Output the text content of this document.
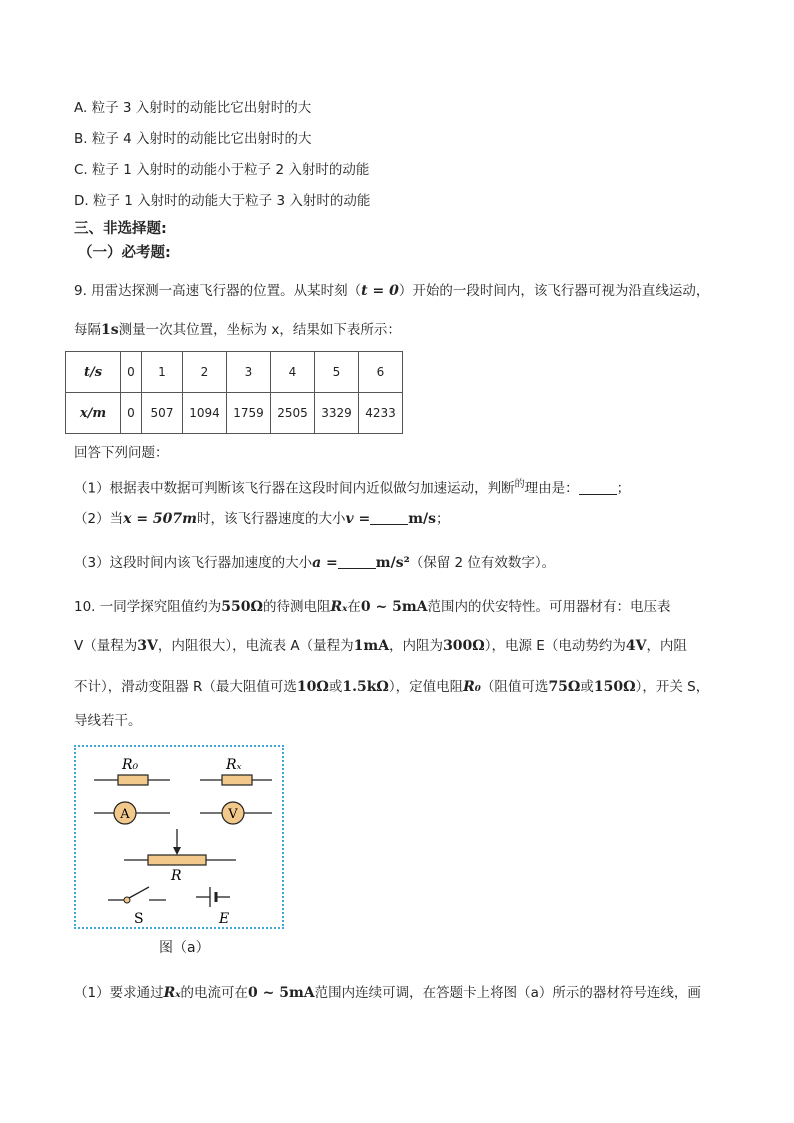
A. 粒子 3 入射时的动能比它出射时的大
B. 粒子 4 入射时的动能比它出射时的大
C. 粒子 1 入射时的动能小于粒子 2 入射时的动能
D. 粒子 1 入射时的动能大于粒子 3 入射时的动能
三、非选择题:
（一）必考题:
9. 用雷达探测一高速飞行器的位置。从某时刻（t = 0）开始的一段时间内，该飞行器可视为沿直线运动，
每隔1s测量一次其位置，坐标为 x，结果如下表所示：
t/s	0	1	2	3	4	5	6
x/m	0	507	1094	1759	2505	3329	4233
回答下列问题：
（1）根据表中数据可判断该飞行器在这段时间内近似做匀加速运动，判断$^的$理由是：	；
（2）当x = 507m时，该飞行器速度的大小v =	m/s；
（3）这段时间内该飞行器加速度的大小a =	m/s²（保留 2 位有效数字）。
10. 一同学探究阻值约为550Ω的待测电阻Rₓ在0 ~ 5mA范围内的伏安特性。可用器材有：电压表
V（量程为3V，内阻很大），电流表 A（量程为1mA，内阻为300Ω），电源 E（电动势约为4V，内阻
不计），滑动变阻器 R（最大阻值可选10Ω或1.5kΩ），定值电阻R₀（阻值可选75Ω或150Ω），开关 S，
导线若干。
R₀	Rₓ
A	V
R
S	E
图（a）
（1）要求通过Rₓ的电流可在0 ~ 5mA范围内连续可调，在答题卡上将图（a）所示的器材符号连线，画
